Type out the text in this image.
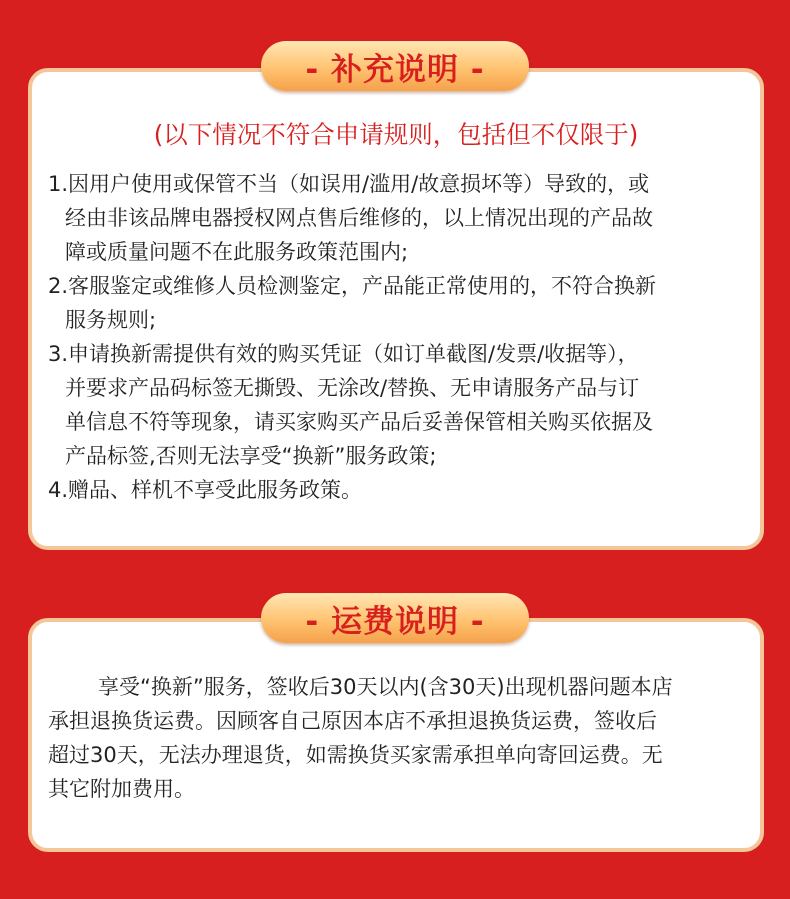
- 补充说明 -
(以下情况不符合申请规则，包括但不仅限于)
1.因用户使用或保管不当（如误用/滥用/故意损坏等）导致的，或
经由非该品牌电器授权网点售后维修的，以上情况出现的产品故
障或质量问题不在此服务政策范围内;
2.客服鉴定或维修人员检测鉴定，产品能正常使用的，不符合换新
服务规则;
3.申请换新需提供有效的购买凭证（如订单截图/发票/收据等），
并要求产品码标签无撕毁、无涂改/替换、无申请服务产品与订
单信息不符等现象，请买家购买产品后妥善保管相关购买依据及
产品标签,否则无法享受“换新”服务政策;
4.赠品、样机不享受此服务政策。
- 运费说明 -
享受“换新”服务，签收后30天以内(含30天)出现机器问题本店
承担退换货运费。因顾客自己原因本店不承担退换货运费，签收后
超过30天，无法办理退货，如需换货买家需承担单向寄回运费。无
其它附加费用。
